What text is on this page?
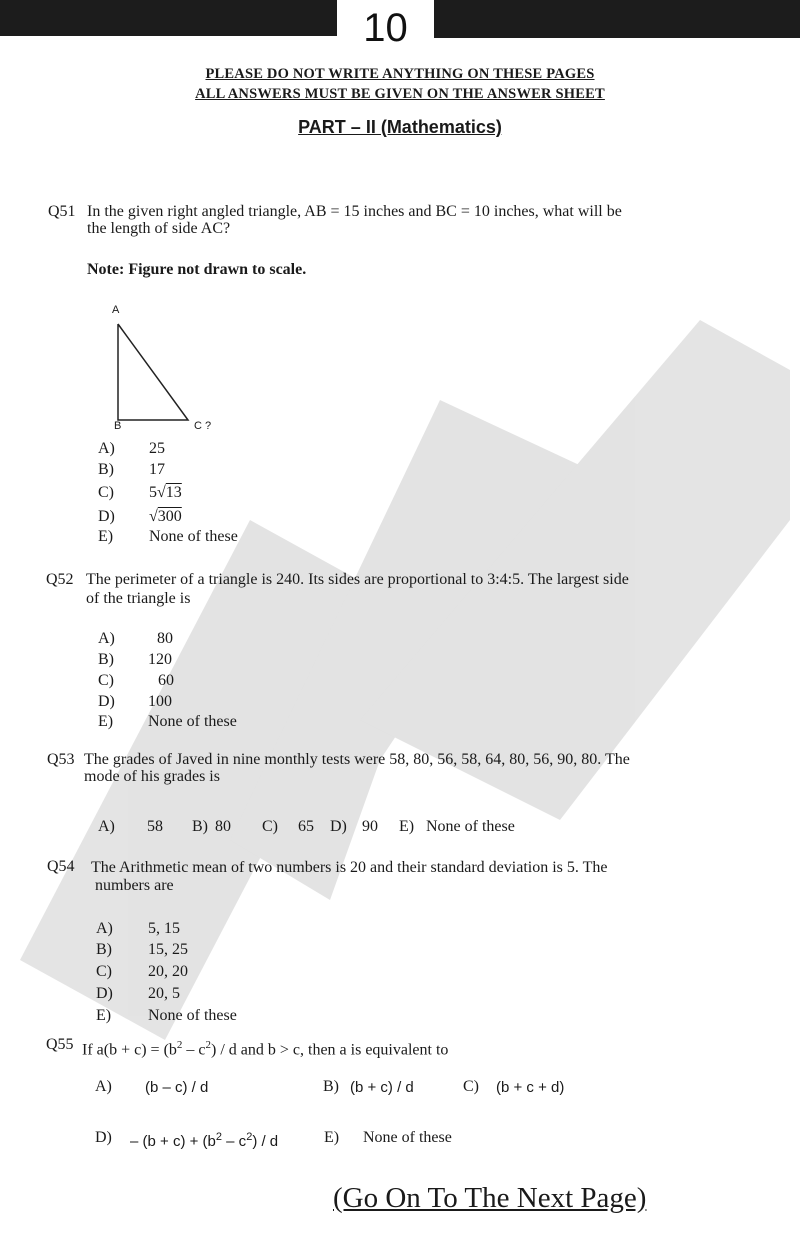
10
PLEASE DO NOT WRITE ANYTHING ON THESE PAGES
ALL ANSWERS MUST BE GIVEN ON THE ANSWER SHEET
PART – II (Mathematics)
Q51 In the given right angled triangle, AB = 15 inches and BC = 10 inches, what will be
the length of side AC?
Note: Figure not drawn to scale.
A
B	C ?
A) 25
B) 17
C) 5√13
D) √300
E) None of these
Q52 The perimeter of a triangle is 240. Its sides are proportional to 3:4:5. The largest side
of the triangle is
A)	80
B) 120
C)	60
D) 100
E) None of these
Q53 The grades of Javed in nine monthly tests were 58, 80, 56, 58, 64, 80, 56, 90, 80. The
mode of his grades is
A) 58 B) 80 C) 65 D) 90 E) None of these
Q54 The Arithmetic mean of two numbers is 20 and their standard deviation is 5. The
numbers are
A) 5, 15
B) 15, 25
C) 20, 20
D) 20, 5
E) None of these
Q55 If $a(b + c) = (b^2 - c^2) / d$ and b > c, then a is equivalent to
A) (b – c) / d	B) (b + c) / d	C) (b + c + d)
$D) - (b + c) + (b^2 - c^2) / d$	E) None of these
(Go On To The Next Page)
